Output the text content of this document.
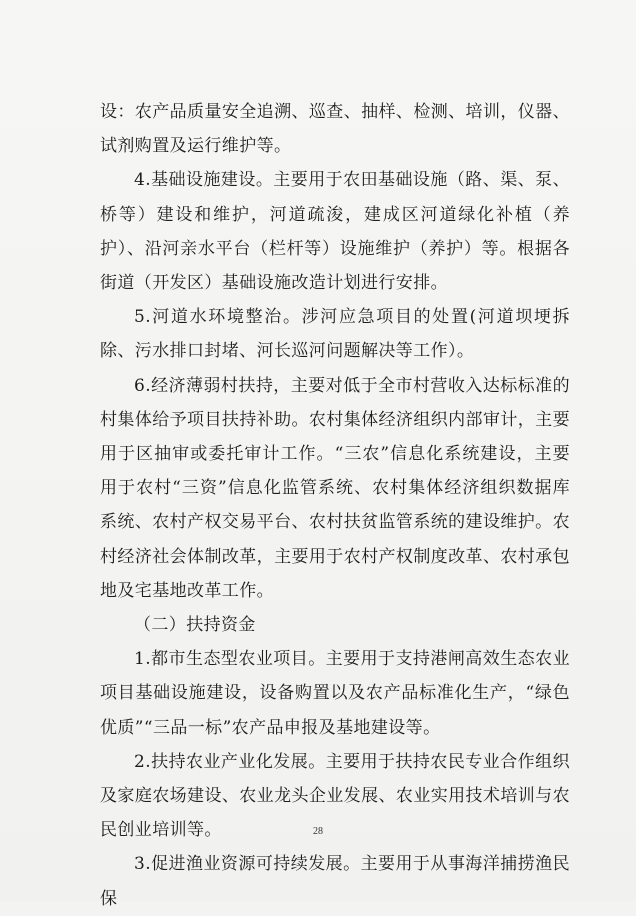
设：农产品质量安全追溯、巡查、抽样、检测、培训，仪器、试剂购置及运行维护等。

4.基础设施建设。主要用于农田基础设施（路、渠、泵、桥等）建设和维护，河道疏浚，建成区河道绿化补植（养护）、沿河亲水平台（栏杆等）设施维护（养护）等。根据各街道（开发区）基础设施改造计划进行安排。

5.河道水环境整治。涉河应急项目的处置(河道坝埂拆除、污水排口封堵、河长巡河问题解决等工作）。

6.经济薄弱村扶持，主要对低于全市村营收入达标标准的村集体给予项目扶持补助。农村集体经济组织内部审计，主要用于区抽审或委托审计工作。“三农”信息化系统建设，主要用于农村“三资”信息化监管系统、农村集体经济组织数据库系统、农村产权交易平台、农村扶贫监管系统的建设维护。农村经济社会体制改革，主要用于农村产权制度改革、农村承包地及宅基地改革工作。

（二）扶持资金

1.都市生态型农业项目。主要用于支持港闸高效生态农业项目基础设施建设，设备购置以及农产品标准化生产，“绿色优质”“三品一标”农产品申报及基地建设等。

2.扶持农业产业化发展。主要用于扶持农民专业合作组织及家庭农场建设、农业龙头企业发展、农业实用技术培训与农民创业培训等。

3.促进渔业资源可持续发展。主要用于从事海洋捕捞渔民保

28
